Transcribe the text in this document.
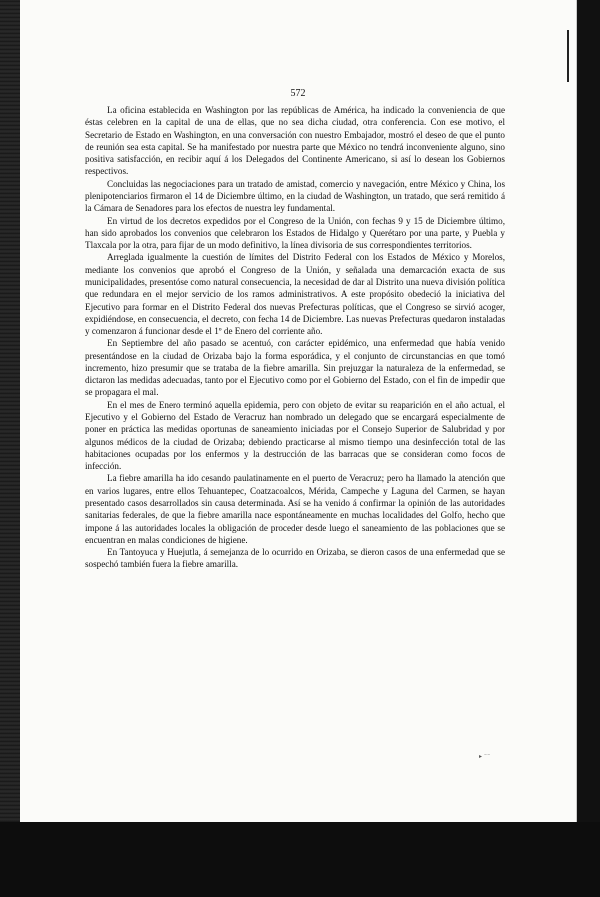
572

La oficina establecida en Washington por las repúblicas de América, ha indicado la conveniencia de que éstas celebren en la capital de una de ellas, que no sea dicha ciudad, otra conferencia. Con ese motivo, el Secretario de Estado en Washington, en una conversación con nuestro Embajador, mostró el deseo de que el punto de reunión sea esta capital. Se ha manifestado por nuestra parte que México no tendrá inconveniente alguno, sino positiva satisfacción, en recibir aquí á los Delegados del Continente Americano, si así lo desean los Gobiernos respectivos.

Concluidas las negociaciones para un tratado de amistad, comercio y navegación, entre México y China, los plenipotenciarios firmaron el 14 de Diciembre último, en la ciudad de Washington, un tratado, que será remitido á la Cámara de Senadores para los efectos de nuestra ley fundamental.

En virtud de los decretos expedidos por el Congreso de la Unión, con fechas 9 y 15 de Diciembre último, han sido aprobados los convenios que celebraron los Estados de Hidalgo y Querétaro por una parte, y Puebla y Tlaxcala por la otra, para fijar de un modo definitivo, la línea divisoria de sus correspondientes territorios.

Arreglada igualmente la cuestión de límites del Distrito Federal con los Estados de México y Morelos, mediante los convenios que aprobó el Congreso de la Unión, y señalada una demarcación exacta de sus municipalidades, presentóse como natural consecuencia, la necesidad de dar al Distrito una nueva división política que redundara en el mejor servicio de los ramos administrativos. A este propósito obedeció la iniciativa del Ejecutivo para formar en el Distrito Federal dos nuevas Prefecturas políticas, que el Congreso se sirvió acoger, expidiéndose, en consecuencia, el decreto, con fecha 14 de Diciembre. Las nuevas Prefecturas quedaron instaladas y comenzaron á funcionar desde el 1º de Enero del corriente año.

En Septiembre del año pasado se acentuó, con carácter epidémico, una enfermedad que había venido presentándose en la ciudad de Orizaba bajo la forma esporádica, y el conjunto de circunstancias en que tomó incremento, hizo presumir que se trataba de la fiebre amarilla. Sin prejuzgar la naturaleza de la enfermedad, se dictaron las medidas adecuadas, tanto por el Ejecutivo como por el Gobierno del Estado, con el fin de impedir que se propagara el mal.

En el mes de Enero terminó aquella epidemia, pero con objeto de evitar su reaparición en el año actual, el Ejecutivo y el Gobierno del Estado de Veracruz han nombrado un delegado que se encargará especialmente de poner en práctica las medidas oportunas de saneamiento iniciadas por el Consejo Superior de Salubridad y por algunos médicos de la ciudad de Orizaba; debiendo practicarse al mismo tiempo una desinfección total de las habitaciones ocupadas por los enfermos y la destrucción de las barracas que se consideran como focos de infección.

La fiebre amarilla ha ido cesando paulatinamente en el puerto de Veracruz; pero ha llamado la atención que en varios lugares, entre ellos Tehuantepec, Coatzacoalcos, Mérida, Campeche y Laguna del Carmen, se hayan presentado casos desarrollados sin causa determinada. Así se ha venido á confirmar la opinión de las autoridades sanitarias federales, de que la fiebre amarilla nace espontáneamente en muchas localidades del Golfo, hecho que impone á las autoridades locales la obligación de proceder desde luego el saneamiento de las poblaciones que se encuentran en malas condiciones de higiene.

En Tantoyuca y Huejutla, á semejanza de lo ocurrido en Orizaba, se dieron casos de una enfermedad que se sospechó también fuera la fiebre amarilla.

▸ ⁻⁻
